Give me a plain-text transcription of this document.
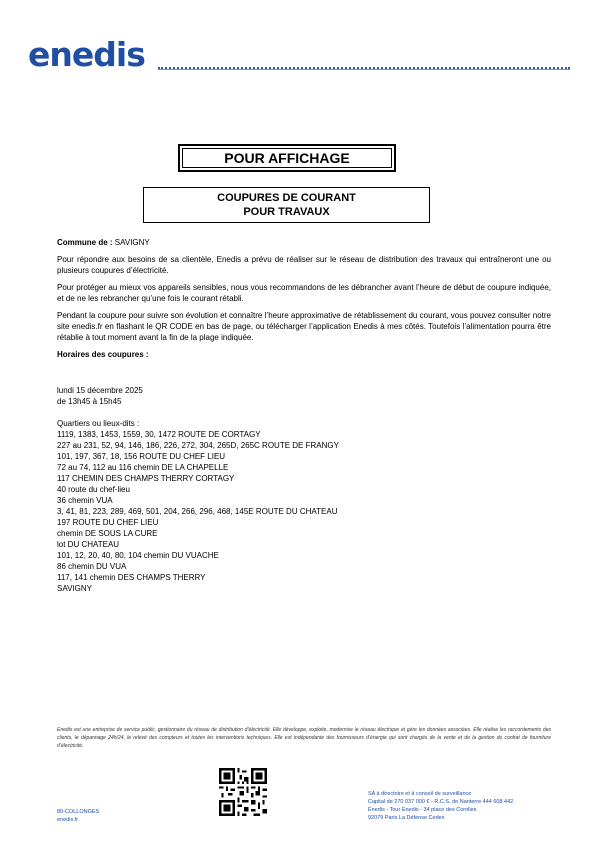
enedis
POUR AFFICHAGE
COUPURES DE COURANT
POUR TRAVAUX
Commune de : SAVIGNY

Pour répondre aux besoins de sa clientèle, Enedis a prévu de réaliser sur le réseau de distribution des travaux qui entraîneront une ou plusieurs coupures d’électricité.

Pour protéger au mieux vos appareils sensibles, nous vous recommandons de les débrancher avant l’heure de début de coupure indiquée, et de ne les rebrancher qu’une fois le courant rétabli.

Pendant la coupure pour suivre son évolution et connaître l’heure approximative de rétablissement du courant, vous pouvez consulter notre site enedis.fr en flashant le QR CODE en bas de page, ou télécharger l’application Enedis à mes côtés. Toutefois l’alimentation pourra être rétablie à tout moment avant la fin de la plage indiquée.

Horaires des coupures :
lundi 15 décembre 2025
de 13h45 à 15h45
Quartiers ou lieux-dits :
1119, 1383, 1453, 1559, 30, 1472 ROUTE DE CORTAGY
227 au 231, 52, 94, 146, 186, 226, 272, 304, 265D, 265C ROUTE DE FRANGY
101, 197, 367, 18, 156 ROUTE DU CHEF LIEU
72 au 74, 112 au 116 chemin DE LA CHAPELLE
117 CHEMIN DES CHAMPS THERRY CORTAGY
40 route du chef-lieu
36 chemin VUA
3, 41, 81, 223, 289, 469, 501, 204, 266, 296, 468, 145E ROUTE DU CHATEAU
197 ROUTE DU CHEF LIEU
chemin DE SOUS LA CURE
lot DU CHATEAU
101, 12, 20, 40, 80, 104 chemin DU VUACHE
86 chemin DU VUA
117, 141 chemin DES CHAMPS THERRY
SAVIGNY
Enedis est une entreprise de service public, gestionnaire du réseau de distribution d’électricité. Elle développe, exploite, modernise le réseau électrique et gère les données associées. Elle réalise les raccordements des clients, le dépannage 24h/24, le relevé des compteurs et toutes les interventions techniques. Elle est indépendante des fournisseurs d’énergie qui sont chargés de la vente et de la gestion du contrat de fourniture d’électricité.
80-COLLONGES
enedis.fr
SA à directoire et à conseil de surveillance
Capital de 270 037 000 € - R.C.S. de Nanterre 444 608 442
Enedis - Tour Enedis - 34 place des Corolles
92079 Paris La Défense Cedex
